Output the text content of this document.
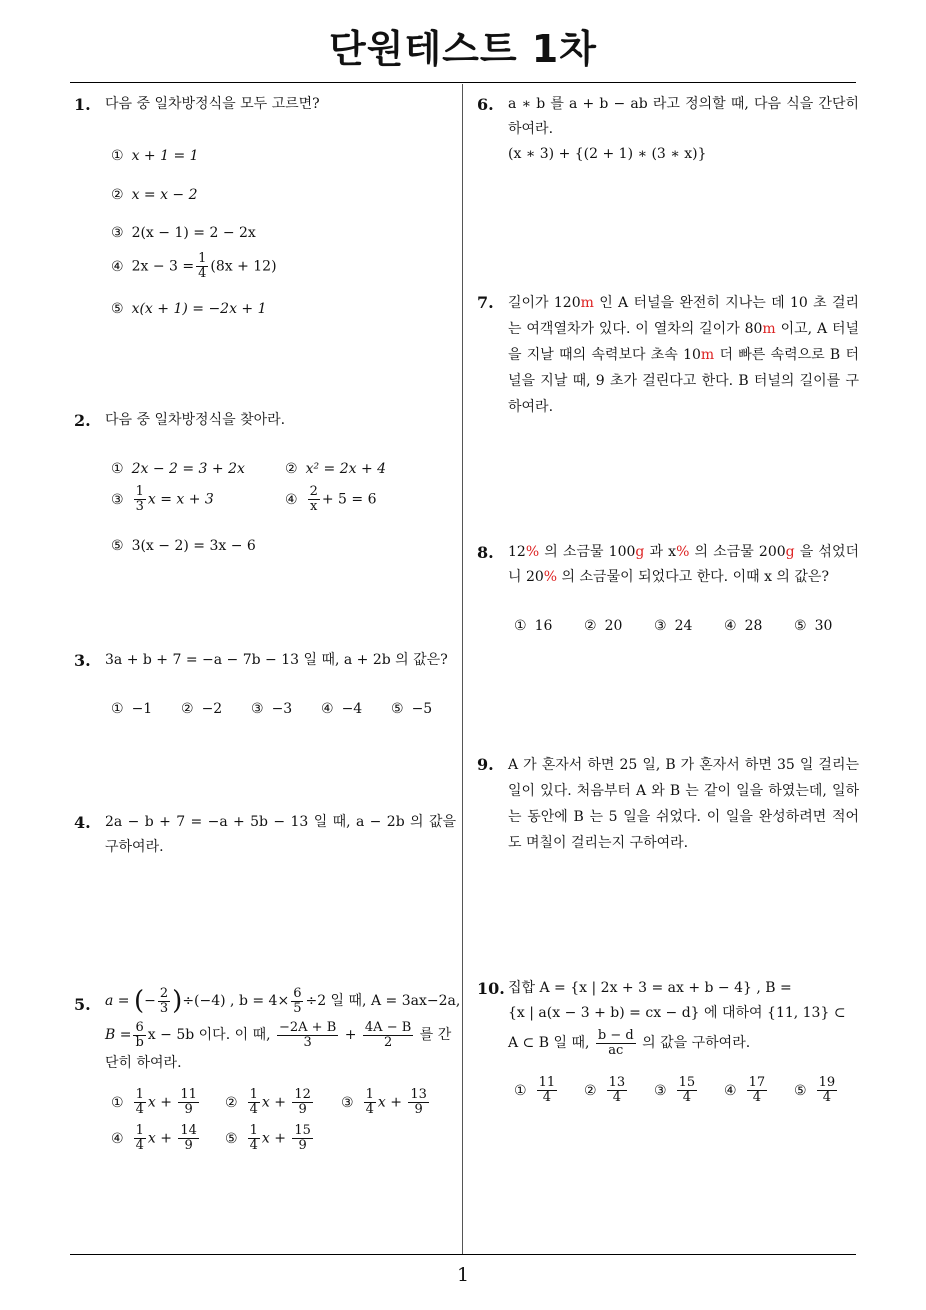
단원테스트 1차
1
1. 다음 중 일차방정식을 모두 고르면?
① x + 1 = 1
② x = x − 2
③ 2(x − 1) = 2 − 2x
④ $2x - 3 = \frac{1}{4} (8x + 12)$
⑤ x(x + 1) = −2x + 1
2. 다음 중 일차방정식을 찾아라.
① 2x − 2 = 3 + 2x	② x² = 2x + 4
③ $\frac{1}{3}$ x = x + 3	④ $\frac{2}{x} + 5 = 6$
⑤ 3(x − 2) = 3x − 6
3. 3a + b + 7 = −a − 7b − 13 일 때, a + 2b 의 값은?
① −1 ② −2 ③ −3 ④ −4 ⑤ −5
4. 2a − b + 7 = −a + 5b − 13 일 때, a − 2b 의 값을 구하여라.
5. a = (− $\frac{2}{3} )\div(-4)$ , $b = 4\times \frac{6}{5} \div 2$ 일 때, A = 3ax−2a,
$B = \frac{6}{b}$ x − 5b 이다. 이 때, $\frac{-2A + B}{3} + \frac{4A - B}{2}$ 를 간
단히 하여라.
① $\frac{1}{4}$ $x + \frac{11}{9}$ ② $\frac{1}{4}$ $x + \frac{12}{9}$ ③ $\frac{1}{4}$ $x + \frac{13}{9}$
④ $\frac{1}{4}$ $x + \frac{14}{9}$ ⑤ $\frac{1}{4}$ $x + \frac{15}{9}$
6. a ∗ b 를 a + b − ab 라고 정의할 때, 다음 식을 간단히 하여라.
(x ∗ 3) + {(2 + 1) ∗ (3 ∗ x)}
7. 길이가 120m 인 A 터널을 완전히 지나는 데 10 초 걸리는 여객열차가 있다. 이 열차의 길이가 80m 이고, A 터널을 지날 때의 속력보다 초속 10m 더 빠른 속력으로 B 터널을 지날 때, 9 초가 걸린다고 한다. B 터널의 길이를 구하여라.
8. 12% 의 소금물 100g 과 x% 의 소금물 200g 을 섞었더니 20% 의 소금물이 되었다고 한다. 이때 x 의 값은?
① 16 ② 20 ③ 24 ④ 28 ⑤ 30
9. A 가 혼자서 하면 25 일, B 가 혼자서 하면 35 일 걸리는 일이 있다. 처음부터 A 와 B 는 같이 일을 하였는데, 일하는 동안에 B 는 5 일을 쉬었다. 이 일을 완성하려면 적어도 며칠이 걸리는지 구하여라.
10. 집합 A = {x | 2x + 3 = ax + b − 4} , B =
{x | a(x − 3 + b) = cx − d} 에 대하여 {11, 13} ⊂
A ⊂ B 일 때, $\frac{b - d}{ac}$ 의 값을 구하여라.
① $\frac{11}{4}$ ② $\frac{13}{4}$ ③ $\frac{15}{4}$ ④ $\frac{17}{4}$ ⑤ $\frac{19}{4}$
